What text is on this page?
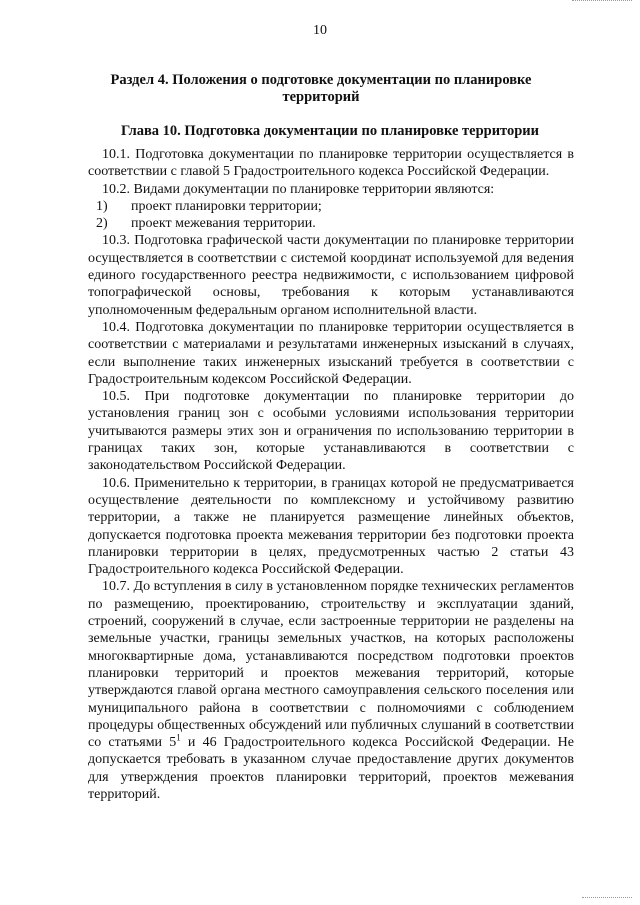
10
Раздел 4. Положения о подготовке документации по планировке территорий
Глава 10. Подготовка документации по планировке территории

10.1. Подготовка документации по планировке территории осуществляется в соответствии с главой 5 Градостроительного кодекса Российской Федерации.

10.2. Видами документации по планировке территории являются:

1)	проект планировки территории;
2)	проект межевания территории.

10.3. Подготовка графической части документации по планировке территории осуществляется в соответствии с системой координат используемой для ведения единого государственного реестра недвижимости, с использованием цифровой топографической основы, требования к которым устанавливаются уполномоченным федеральным органом исполнительной власти.

10.4. Подготовка документации по планировке территории осуществляется в соответствии с материалами и результатами инженерных изысканий в случаях, если выполнение таких инженерных изысканий требуется в соответствии с Градостроительным кодексом Российской Федерации.

10.5. При подготовке документации по планировке территории до установления границ зон с особыми условиями использования территории учитываются размеры этих зон и ограничения по использованию территории в границах таких зон, которые устанавливаются в соответствии с законодательством Российской Федерации.

10.6. Применительно к территории, в границах которой не предусматривается осуществление деятельности по комплексному и устойчивому развитию территории, а также не планируется размещение линейных объектов, допускается подготовка проекта межевания территории без подготовки проекта планировки территории в целях, предусмотренных частью 2 статьи 43 Градостроительного кодекса Российской Федерации.

10.7. До вступления в силу в установленном порядке технических регламентов по размещению, проектированию, строительству и эксплуатации зданий, строений, сооружений в случае, если застроенные территории не разделены на земельные участки, границы земельных участков, на которых расположены многоквартирные дома, устанавливаются посредством подготовки проектов планировки территорий и проектов межевания территорий, которые утверждаются главой органа местного самоуправления сельского поселения или муниципального района в соответствии с полномочиями с соблюдением процедуры общественных обсуждений или публичных слушаний в соответствии со статьями $5^1$ и 46 Градостроительного кодекса Российской Федерации. Не допускается требовать в указанном случае предоставление других документов для утверждения проектов планировки территорий, проектов межевания территорий.
